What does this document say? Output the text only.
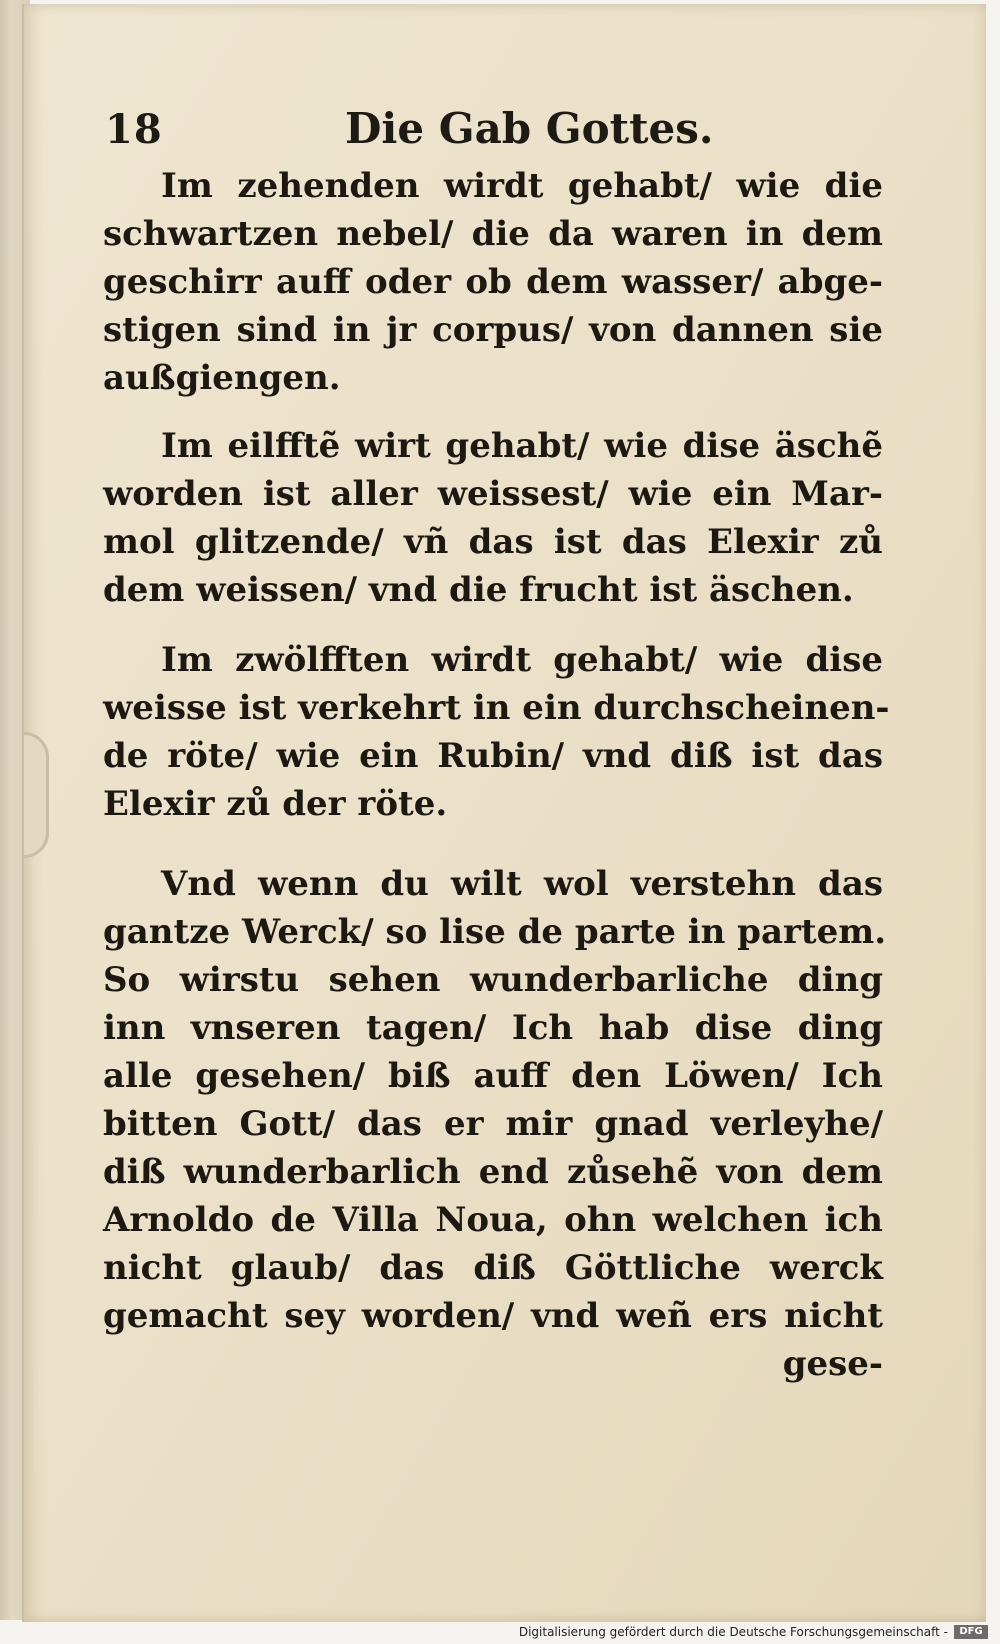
18	Die Gab Gottes.
Im zehenden wirdt gehabt/ wie die
schwartzen nebel/ die da waren in dem
geschirr auff oder ob dem wasser/ abge-
stigen sind in jr corpus/ von dannen sie
außgiengen.
Im eilfftẽ wirt gehabt/ wie dise äschẽ
worden ist aller weissest/ wie ein Mar-
mol glitzende/ vñ das ist das Elexir zů
dem weissen/ vnd die frucht ist äschen.
Im zwölfften wirdt gehabt/ wie dise
weisse ist verkehrt in ein durchscheinen-
de röte/ wie ein Rubin/ vnd diß ist das
Elexir zů der röte.
Vnd wenn du wilt wol verstehn das
gantze Werck/ so lise de parte in partem.
So wirstu sehen wunderbarliche ding
inn vnseren tagen/ Ich hab dise ding
alle gesehen/ biß auff den Löwen/ Ich
bitten Gott/ das er mir gnad verleyhe/
diß wunderbarlich end zůsehẽ von dem
Arnoldo de Villa Noua, ohn welchen ich
nicht glaub/ das diß Göttliche werck
gemacht sey worden/ vnd weñ ers nicht
gese-
Digitalisierung gefördert durch die Deutsche Forschungsgemeinschaft -	DFG
